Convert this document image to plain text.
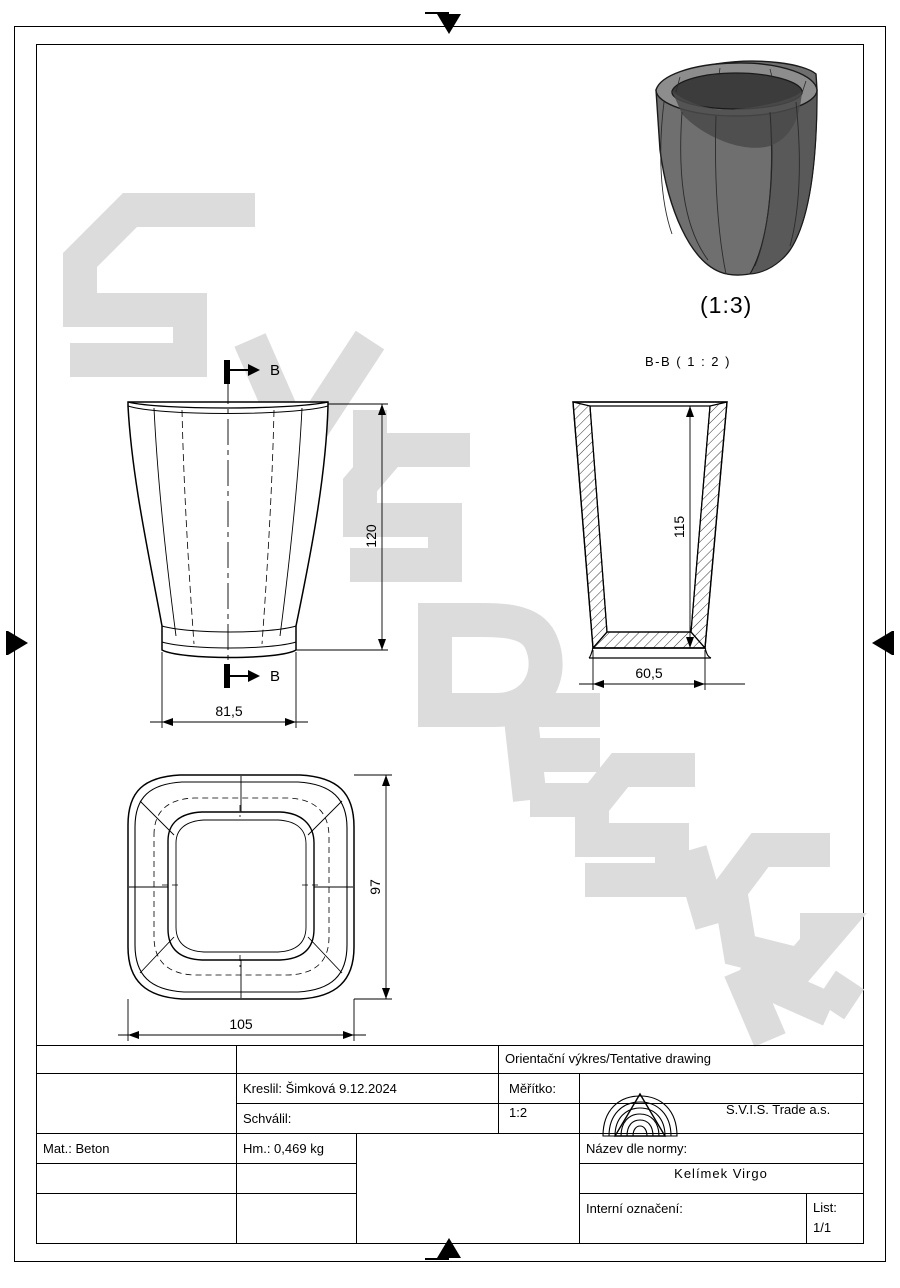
(1:3)
B-B ( 1 : 2 )
B
B
120
81,5
115
60,5
97
105
Orientační výkres/Tentative drawing
Kreslil: Šimková 9.12.2024
Schválil:
Měřítko:
1:2
Mat.: Beton	Hm.: 0,469 kg
S.V.I.S. Trade a.s.
Název dle normy:
Kelímek Virgo
Interní označení:	List:
1/1
